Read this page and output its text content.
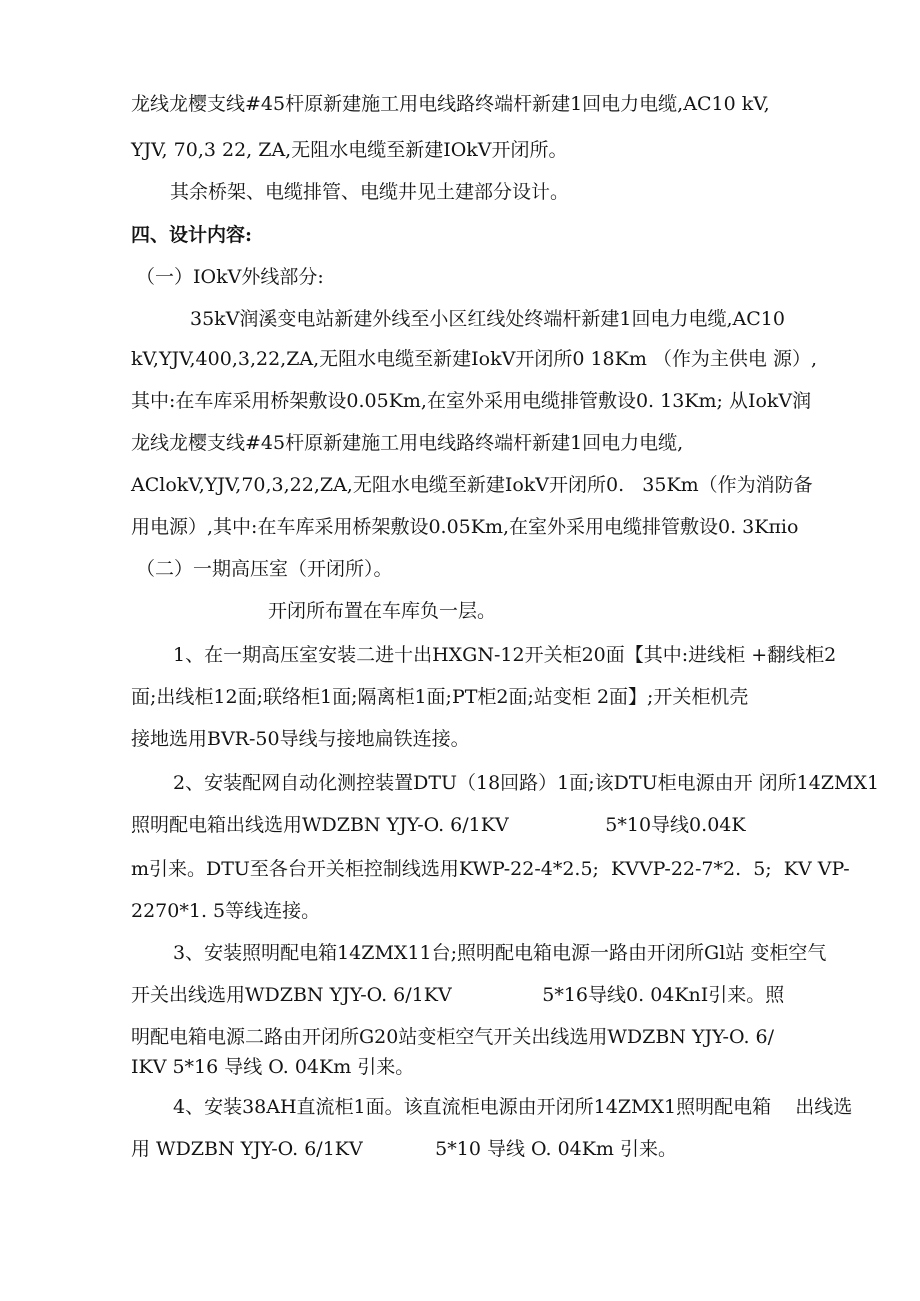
龙线龙樱支线#45杆原新建施工用电线路终端杆新建1回电力电缆,AC10 kV,
YJV, 70,3 22, ZA,无阻水电缆至新建IOkV开闭所。
其余桥架、电缆排管、电缆井见土建部分设计。
四、设计内容:
（一）IOkV外线部分:
35kV润溪变电站新建外线至小区红线处终端杆新建1回电力电缆,AC10
kV,YJV,400,3,22,ZA,无阻水电缆至新建IokV开闭所0 18Km （作为主供电 源）,
其中:在车库采用桥架敷设0.05Km,在室外采用电缆排管敷设0. 13Km; 从IokV润
龙线龙樱支线#45杆原新建施工用电线路终端杆新建1回电力电缆,
AClokV,YJV,70,3,22,ZA,无阻水电缆至新建IokV开闭所0.   35Km（作为消防备
用电源）,其中:在车库采用桥架敷设0.05Km,在室外采用电缆排管敷设0. 3Kπio
（二）一期高压室（开闭所）。
开闭所布置在车库负一层。
1、在一期高压室安装二进十出HXGN-12开关柜20面【其中:进线柜 +翻线柜2
面;出线柜12面;联络柜1面;隔离柜1面;PT柜2面;站变柜 2面】;开关柜机壳
接地选用BVR-50导线与接地扁铁连接。
2、安装配网自动化测控装置DTU（18回路）1面;该DTU柜电源由开 闭所14ZMX1
照明配电箱出线选用WDZBN YJY-O. 6/1KV                5*10导线0.04K
m引来。DTU至各台开关柜控制线选用KWP-22-4*2.5;  KVVP-22-7*2.  5;  KV VP-
2270*1. 5等线连接。
3、安装照明配电箱14ZMX11台;照明配电箱电源一路由开闭所Gl站 变柜空气
开关出线选用WDZBN YJY-O. 6/1KV               5*16导线0. 04KnI引来。照
明配电箱电源二路由开闭所G20站变柜空气开关出线选用WDZBN YJY-O. 6/
IKV 5*16 导线 O. 04Km 引来。
4、安装38AH直流柜1面。该直流柜电源由开闭所14ZMX1照明配电箱    出线选
用 WDZBN YJY-O. 6/1KV            5*10 导线 O. 04Km 引来。
